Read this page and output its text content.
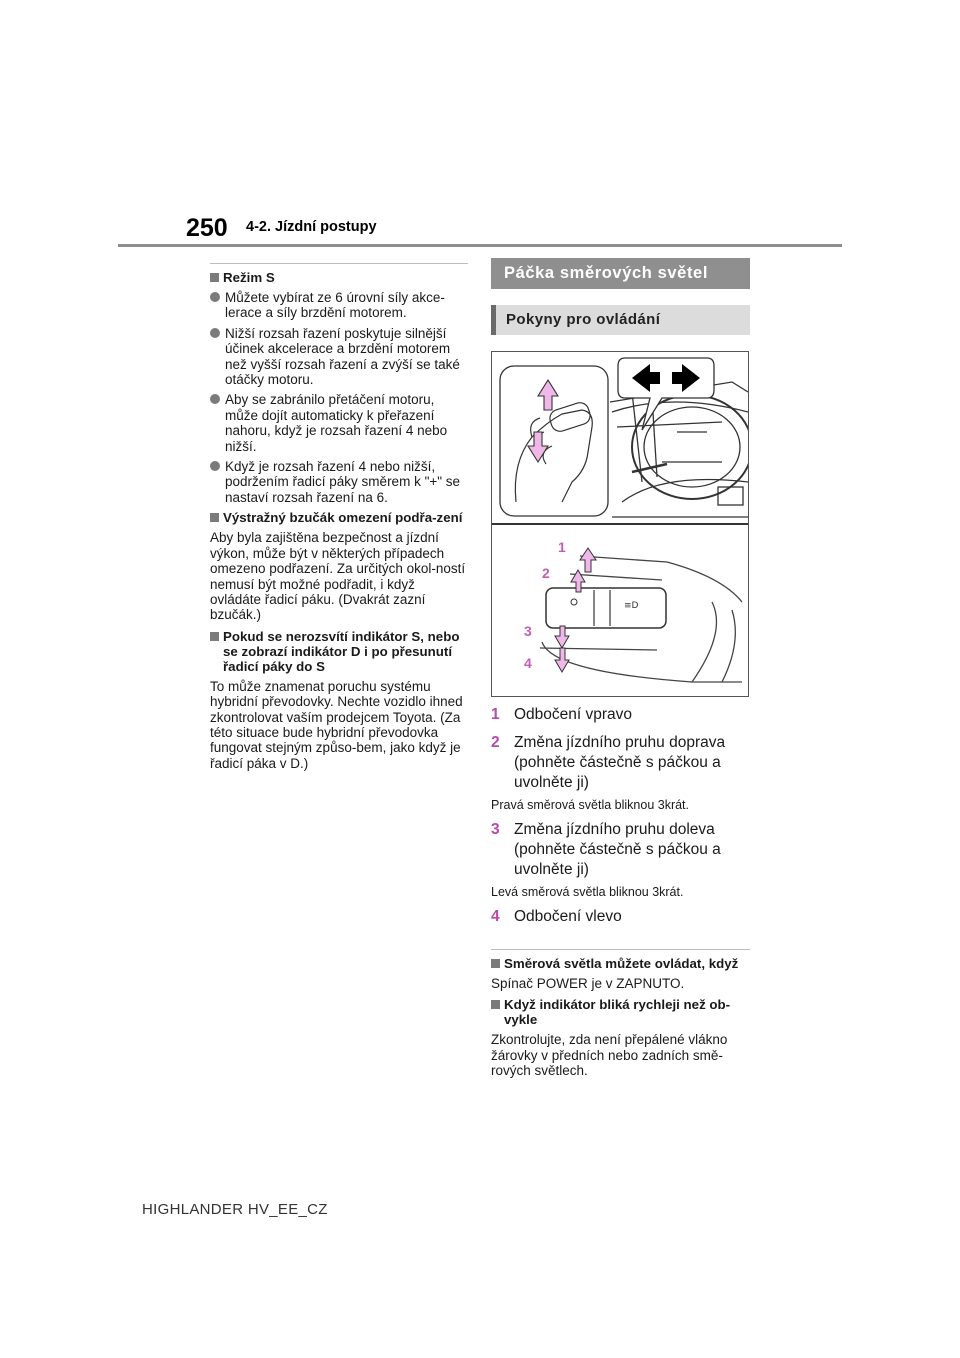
250 4-2. Jízdní postupy
Režim S
Můžete vybírat ze 6 úrovní síly akce-lerace a síly brzdění motorem.
Nižší rozsah řazení poskytuje silnější účinek akcelerace a brzdění motorem než vyšší rozsah řazení a zvýší se také otáčky motoru.
Aby se zabránilo přetáčení motoru, může dojít automaticky k přeřazení nahoru, když je rozsah řazení 4 nebo nižší.
Když je rozsah řazení 4 nebo nižší, podržením řadicí páky směrem k "+" se nastaví rozsah řazení na 6.
Výstražný bzučák omezení podřa-zení
Aby byla zajištěna bezpečnost a jízdní výkon, může být v některých případech omezeno podřazení. Za určitých okol-ností nemusí být možné podřadit, i když ovládáte řadicí páku. (Dvakrát zazní bzučák.)
Pokud se nerozsvítí indikátor S, nebo se zobrazí indikátor D i po přesunutí řadicí páky do S
To může znamenat poruchu systému hybridní převodovky. Nechte vozidlo ihned zkontrolovat vaším prodejcem Toyota. (Za této situace bude hybridní převodovka fungovat stejným způso-bem, jako když je řadicí páka v D.)
Páčka směrových světel
Pokyny pro ovládání
≡D
1
2
3
4
1 Odbočení vpravo
2 Změna jízdního pruhu doprava (pohněte částečně s páčkou a uvolněte ji)
Pravá směrová světla bliknou 3krát.
3 Změna jízdního pruhu doleva (pohněte částečně s páčkou a uvolněte ji)
Levá směrová světla bliknou 3krát.
4 Odbočení vlevo
Směrová světla můžete ovládat, když
Spínač POWER je v ZAPNUTO.
Když indikátor bliká rychleji než ob-vykle
Zkontrolujte, zda není přepálené vlákno žárovky v předních nebo zadních smě-rových světlech.
HIGHLANDER HV_EE_CZ
